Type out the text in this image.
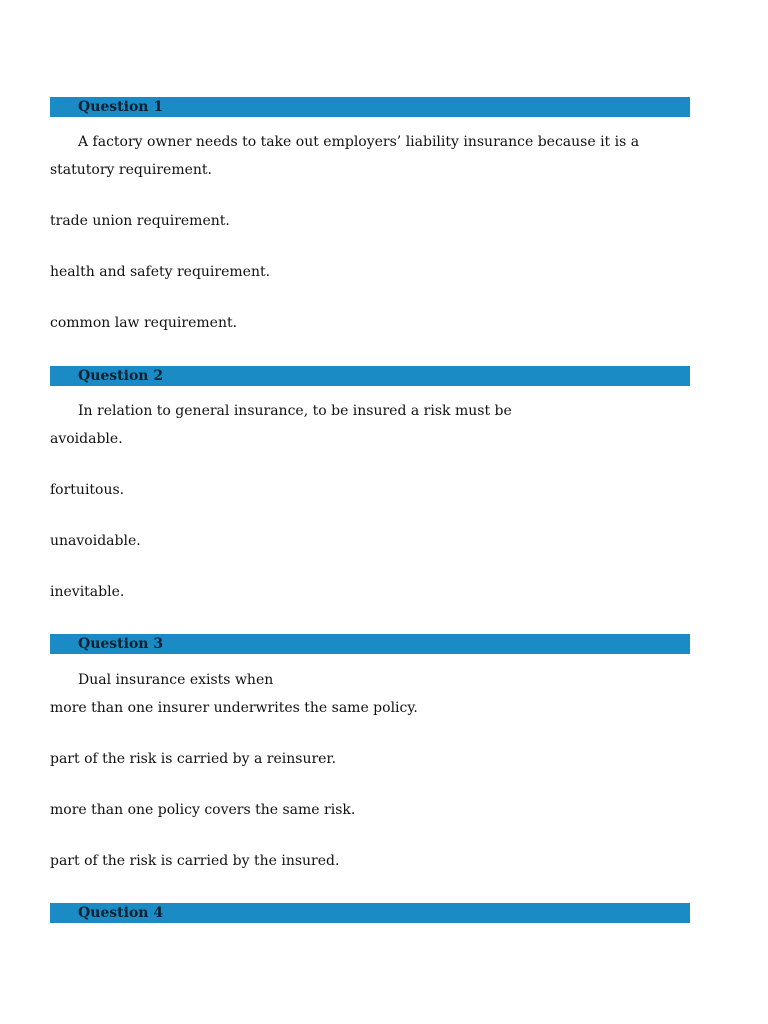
Question 1
A factory owner needs to take out employers’ liability insurance because it is a
statutory requirement.
trade union requirement.
health and safety requirement.
common law requirement.
Question 2
In relation to general insurance, to be insured a risk must be
avoidable.
fortuitous.
unavoidable.
inevitable.
Question 3
Dual insurance exists when
more than one insurer underwrites the same policy.
part of the risk is carried by a reinsurer.
more than one policy covers the same risk.
part of the risk is carried by the insured.
Question 4
